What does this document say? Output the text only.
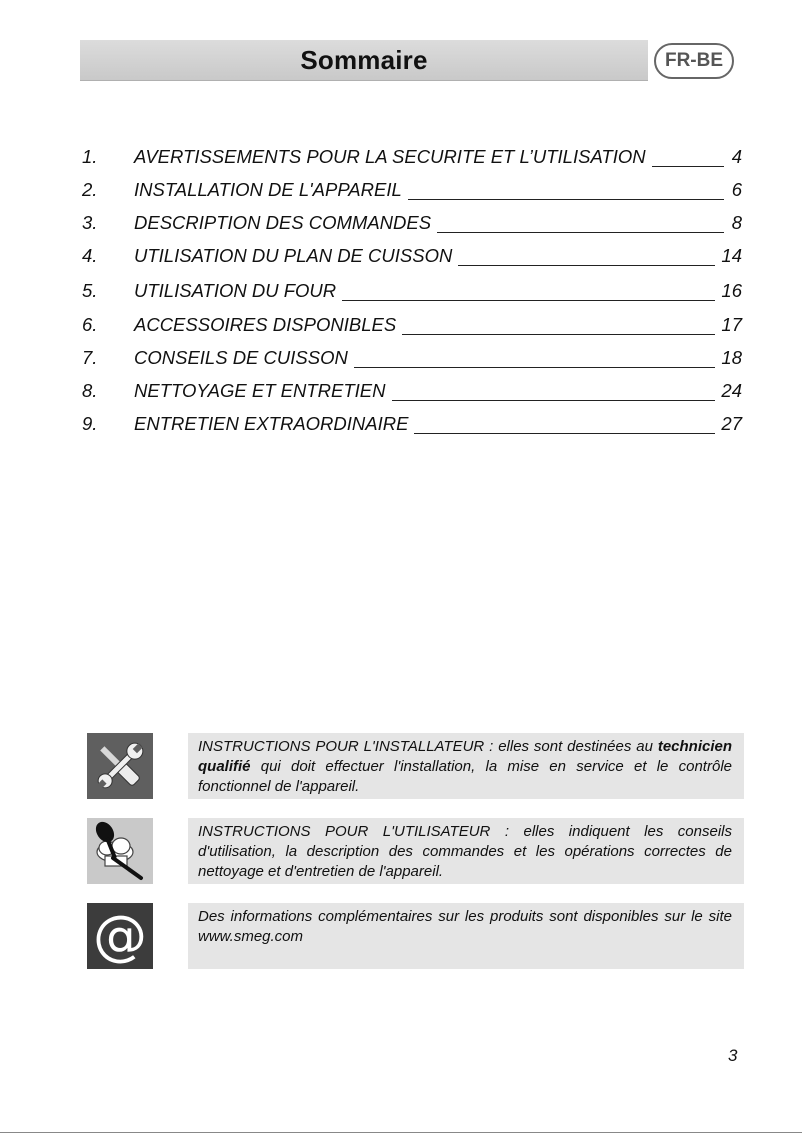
Sommaire	FR-BE
1.	AVERTISSEMENTS POUR LA SECURITE ET L’UTILISATION	4
2.	INSTALLATION DE L'APPAREIL	6
3.	DESCRIPTION DES COMMANDES	8
4.	UTILISATION DU PLAN DE CUISSON	14
5.	UTILISATION DU FOUR	16
6.	ACCESSOIRES DISPONIBLES	17
7.	CONSEILS DE CUISSON	18
8.	NETTOYAGE ET ENTRETIEN	24
9.	ENTRETIEN EXTRAORDINAIRE	27
INSTRUCTIONS POUR L'INSTALLATEUR : elles sont destinées au technicien qualifié qui doit effectuer l'installation, la mise en service et le contrôle fonctionnel de l'appareil.
INSTRUCTIONS POUR L'UTILISATEUR : elles indiquent les conseils d'utilisation, la description des commandes et les opérations correctes de nettoyage et d'entretien de l'appareil.
@	Des informations complémentaires sur les produits sont disponibles sur le site www.smeg.com
3
